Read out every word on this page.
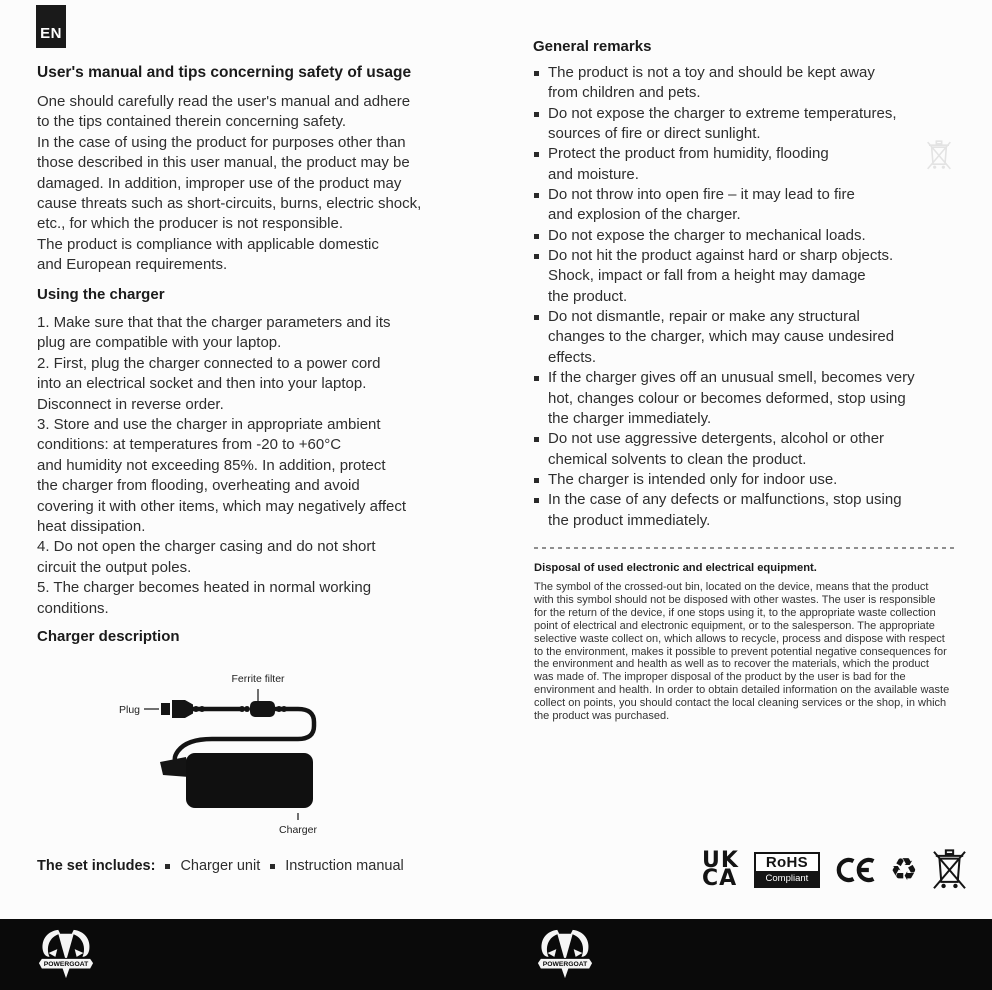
EN
User's manual and tips concerning safety of usage
One should carefully read the user's manual and adhere
to the tips contained therein concerning safety.
In the case of using the product for purposes other than
those described in this user manual, the product may be
damaged. In addition, improper use of the product may
cause threats such as short-circuits, burns, electric shock,
etc., for which the producer is not responsible.
The product is compliance with applicable domestic
and European requirements.
Using the charger
1. Make sure that that the charger parameters and its
plug are compatible with your laptop.
2. First, plug the charger connected to a power cord
into an electrical socket and then into your laptop.
Disconnect in reverse order.
3. Store and use the charger in appropriate ambient
conditions: at temperatures from -20 to +60°C
and humidity not exceeding 85%. In addition, protect
the charger from flooding, overheating and avoid
covering it with other items, which may negatively affect
heat dissipation.
4. Do not open the charger casing and do not short
circuit the output poles.
5. The charger becomes heated in normal working
conditions.
Charger description
Ferrite filter
Plug
Charger
The set includes: Charger unit Instruction manual
General remarks
The product is not a toy and should be kept away
from children and pets.
Do not expose the charger to extreme temperatures,
sources of fire or direct sunlight.
Protect the product from humidity, flooding
and moisture.
Do not throw into open fire – it may lead to fire
and explosion of the charger.
Do not expose the charger to mechanical loads.
Do not hit the product against hard or sharp objects.
Shock, impact or fall from a height may damage
the product.
Do not dismantle, repair or make any structural
changes to the charger, which may cause undesired
effects.
If the charger gives off an unusual smell, becomes very
hot, changes colour or becomes deformed, stop using
the charger immediately.
Do not use aggressive detergents, alcohol or other
chemical solvents to clean the product.
The charger is intended only for indoor use.
In the case of any defects or malfunctions, stop using
the product immediately.
Disposal of used electronic and electrical equipment.

The symbol of the crossed-out bin, located on the device, means that the product with this symbol should not be disposed with other wastes. The user is responsible for the return of the device, if one stops using it, to the appropriate waste collection point of electrical and electronic equipment, or to the salesperson. The appropriate selective waste collect on, which allows to recycle, process and dispose with respect to the environment, makes it possible to prevent potential negative consequences for the environment and health as well as to recover the materials, which the product was made of. The improper disposal of the product by the user is bad for the environment and health. In order to obtain detailed information on the available waste collect on points, you should contact the local cleaning services or the shop, in which the product was purchased.

UK
CA
RoHS
Compliant	♻
POWERGOAT	POWERGOAT
